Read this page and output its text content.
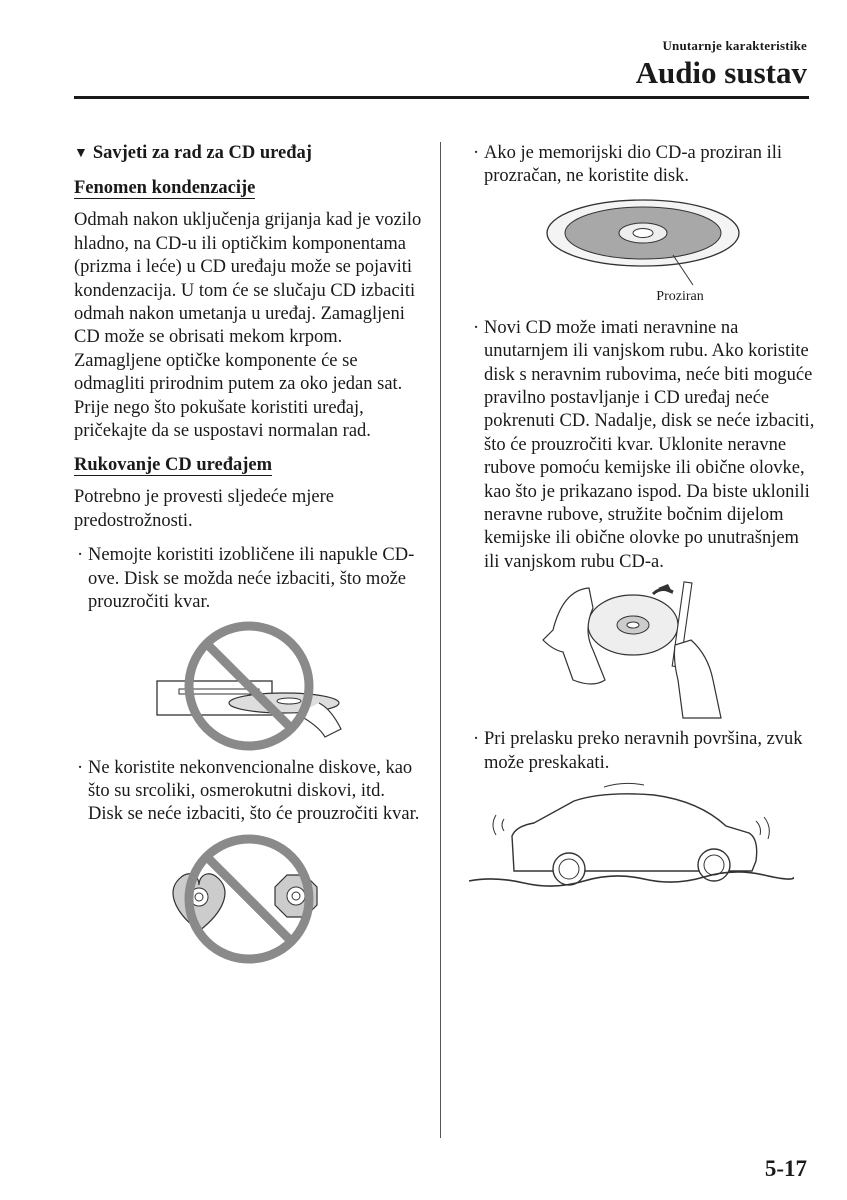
Unutarnje karakteristike
Audio sustav
▼ Savjeti za rad za CD uređaj
Fenomen kondenzacije

Odmah nakon uključenja grijanja kad je vozilo hladno, na CD-u ili optičkim komponentama (prizma i leće) u CD uređaju može se pojaviti kondenzacija. U tom će se slučaju CD izbaciti odmah nakon umetanja u uređaj. Zamagljeni CD može se obrisati mekom krpom. Zamagljene optičke komponente će se odmagliti prirodnim putem za oko jedan sat. Prije nego što pokušate koristiti uređaj, pričekajte da se uspostavi normalan rad.

Rukovanje CD uređajem

Potrebno je provesti sljedeće mjere predostrožnosti.

· Nemojte koristiti izobličene ili napukle CD-ove. Disk se možda neće izbaciti, što može prouzročiti kvar.
· Ne koristite nekonvencionalne diskove, kao što su srcoliki, osmerokutni diskovi, itd. Disk se neće izbaciti, što će prouzročiti kvar.
· Ako je memorijski dio CD-a proziran ili prozračan, ne koristite disk.
Proziran
· Novi CD može imati neravnine na unutarnjem ili vanjskom rubu. Ako koristite disk s neravnim rubovima, neće biti moguće pravilno postavljanje i CD uređaj neće pokrenuti CD. Nadalje, disk se neće izbaciti, što će prouzročiti kvar. Uklonite neravne rubove pomoću kemijske ili obične olovke, kao što je prikazano ispod. Da biste uklonili neravne rubove, stružite bočnim dijelom kemijske ili obične olovke po unutrašnjem ili vanjskom rubu CD-a.
· Pri prelasku preko neravnih površina, zvuk može preskakati.
5-17
